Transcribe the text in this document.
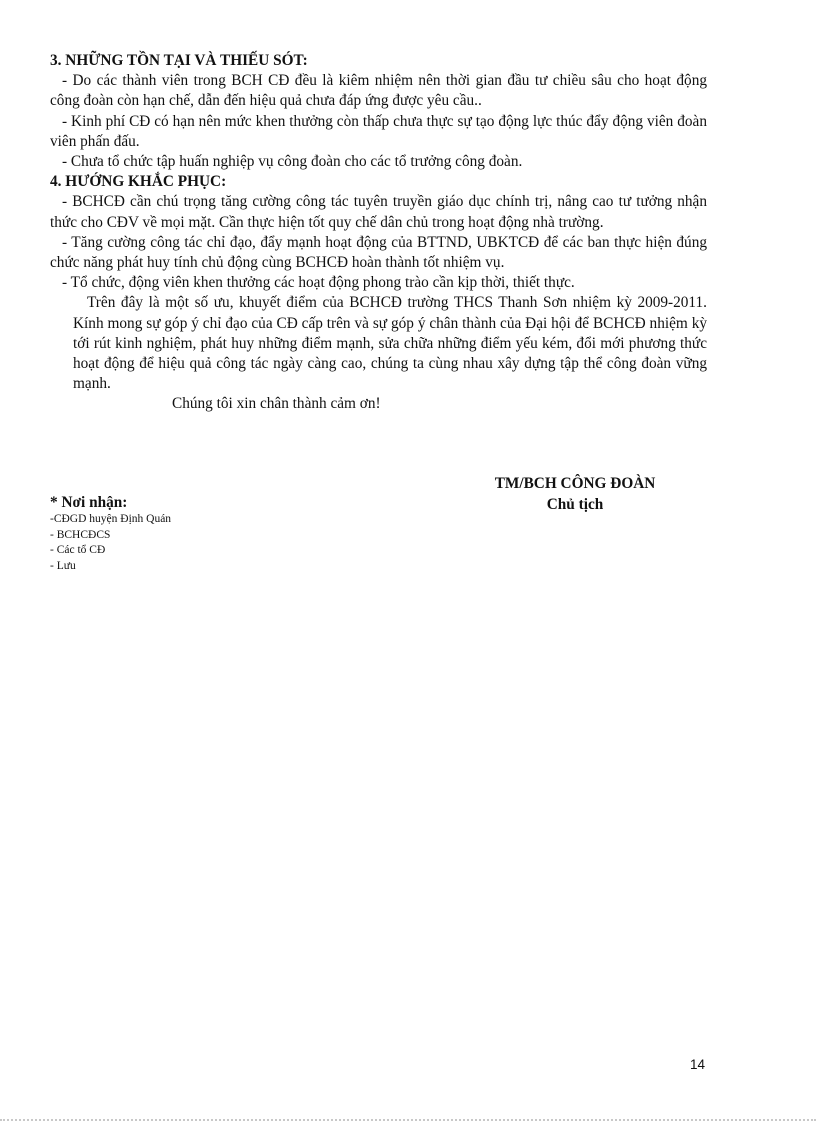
3. NHỮNG TỒN TẠI VÀ THIẾU SÓT:
- Do các thành viên trong BCH CĐ đều là kiêm nhiệm nên thời gian đầu tư chiều sâu cho hoạt động công đoàn còn hạn chế, dẫn đến hiệu quả chưa đáp ứng được yêu cầu..
- Kinh phí CĐ có hạn nên mức khen thưởng còn thấp chưa thực sự tạo động lực thúc đẩy động viên đoàn viên phấn đấu.
- Chưa tổ chức tập huấn nghiệp vụ công đoàn cho các tổ trưởng công đoàn.
4. HƯỚNG KHẮC PHỤC:
- BCHCĐ cần chú trọng tăng cường công tác tuyên truyền giáo dục chính trị, nâng cao tư tưởng nhận thức cho CĐV về mọi mặt. Cần thực hiện tốt quy chế dân chủ trong hoạt động nhà trường.
- Tăng cường công tác chỉ đạo, đẩy mạnh hoạt động của BTTND, UBKTCĐ để các ban thực hiện đúng chức năng phát huy tính chủ động cùng BCHCĐ hoàn thành tốt nhiệm vụ.
- Tổ chức, động viên khen thưởng các hoạt động phong trào cần kịp thời, thiết thực.
Trên đây là một số ưu, khuyết điểm của BCHCĐ trường THCS Thanh Sơn nhiệm kỳ 2009-2011. Kính mong sự góp ý chỉ đạo của CĐ cấp trên và sự góp ý chân thành của Đại hội để BCHCĐ nhiệm kỳ tới rút kinh nghiệm, phát huy những điểm mạnh, sửa chữa những điểm yếu kém, đổi mới phương thức hoạt động để hiệu quả công tác ngày càng cao, chúng ta cùng nhau xây dựng tập thể công đoàn vững mạnh.
Chúng tôi xin chân thành cảm ơn!
TM/BCH CÔNG ĐOÀN
Chủ tịch
* Nơi nhận:
-CĐGD huyện Định Quán
- BCHCĐCS
- Các tổ CĐ
- Lưu
14
